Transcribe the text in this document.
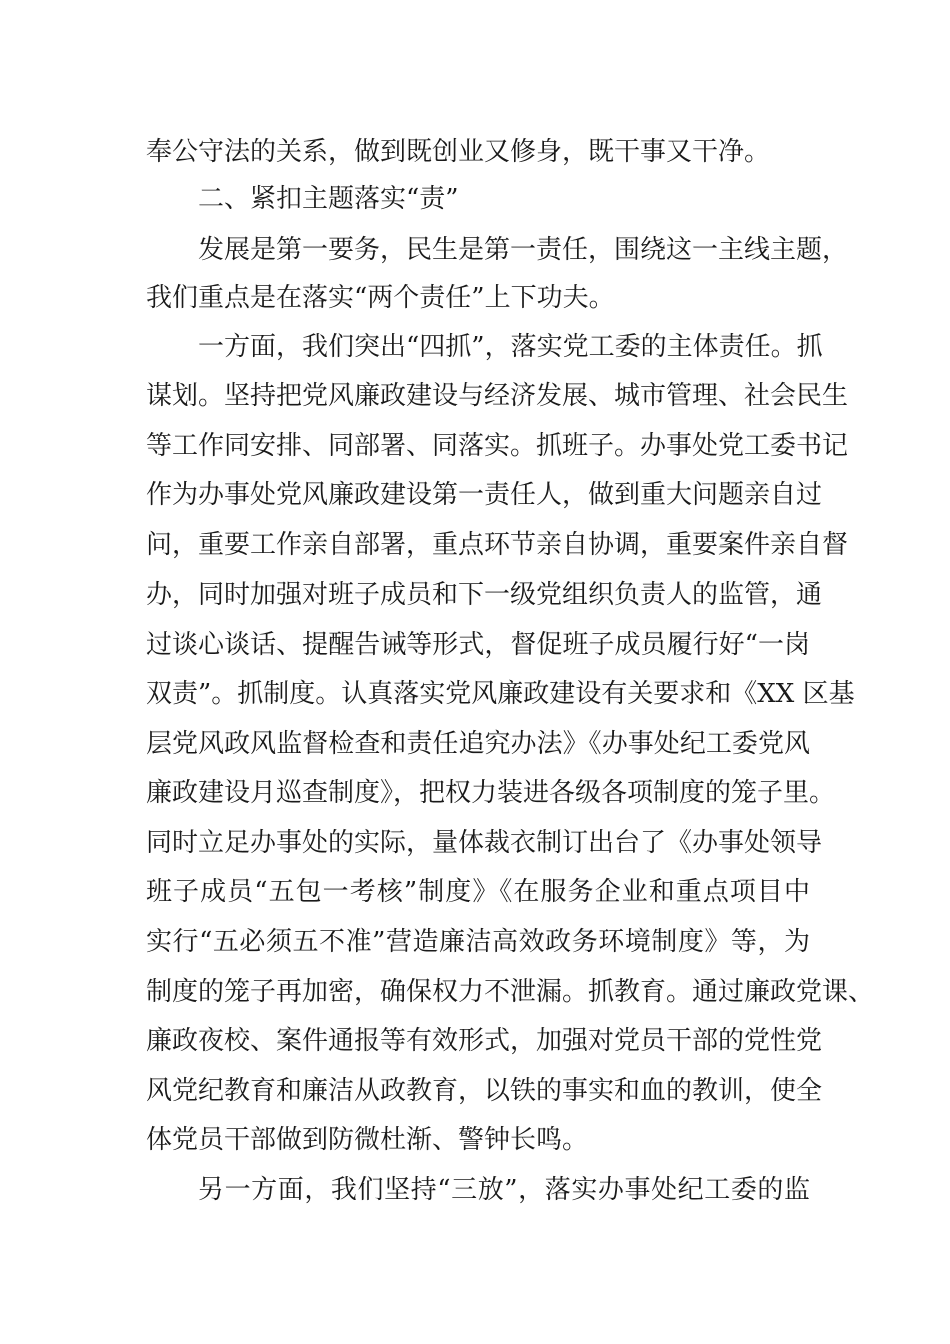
奉公守法的关系，做到既创业又修身，既干事又干净。
二、紧扣主题落实“责”
发展是第一要务，民生是第一责任，围绕这一主线主题，
我们重点是在落实“两个责任”上下功夫。
一方面，我们突出“四抓”，落实党工委的主体责任。抓
谋划。坚持把党风廉政建设与经济发展、城市管理、社会民生
等工作同安排、同部署、同落实。抓班子。办事处党工委书记
作为办事处党风廉政建设第一责任人，做到重大问题亲自过
问，重要工作亲自部署，重点环节亲自协调，重要案件亲自督
办，同时加强对班子成员和下一级党组织负责人的监管，通
过谈心谈话、提醒告诫等形式，督促班子成员履行好“一岗
双责”。抓制度。认真落实党风廉政建设有关要求和《XX 区基
层党风政风监督检查和责任追究办法》《办事处纪工委党风
廉政建设月巡查制度》，把权力装进各级各项制度的笼子里。
同时立足办事处的实际，量体裁衣制订出台了《办事处领导
班子成员“五包一考核”制度》《在服务企业和重点项目中
实行“五必须五不准”营造廉洁高效政务环境制度》等，为
制度的笼子再加密，确保权力不泄漏。抓教育。通过廉政党课、
廉政夜校、案件通报等有效形式，加强对党员干部的党性党
风党纪教育和廉洁从政教育，以铁的事实和血的教训，使全
体党员干部做到防微杜渐、警钟长鸣。
另一方面，我们坚持“三放”，落实办事处纪工委的监
